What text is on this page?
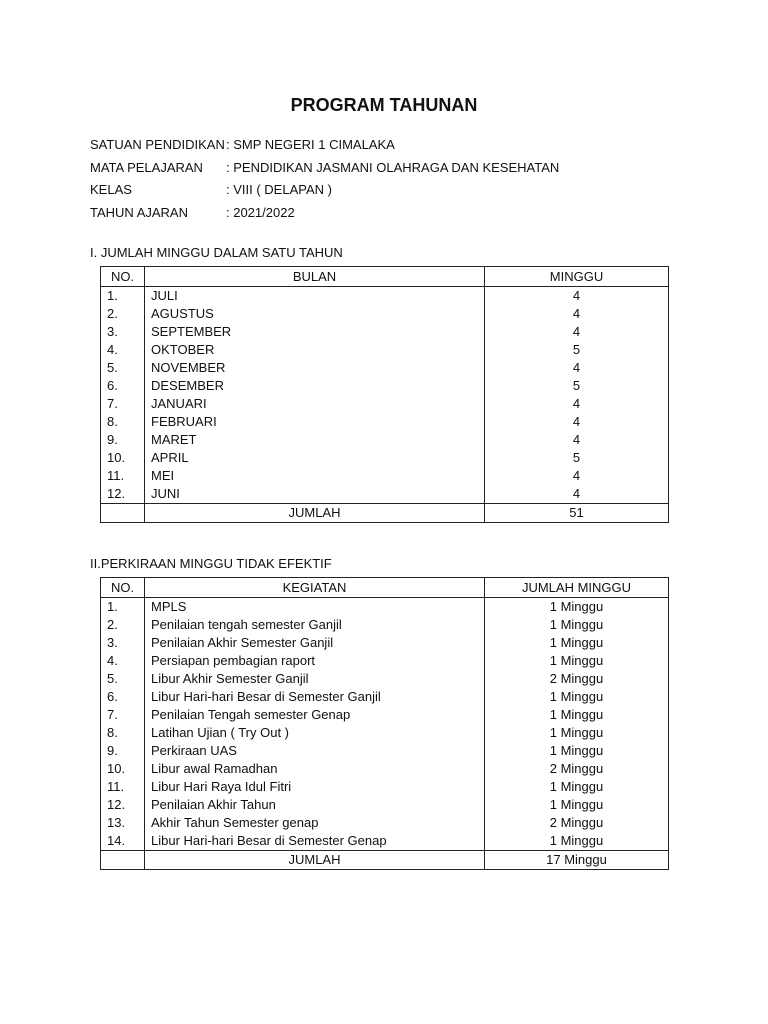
PROGRAM TAHUNAN
SATUAN PENDIDIKAN: SMP NEGERI 1 CIMALAKA
MATA PELAJARAN : PENDIDIKAN JASMANI OLAHRAGA DAN KESEHATAN
KELAS	: VIII ( DELAPAN )
TAHUN AJARAN	: 2021/2022
I. JUMLAH MINGGU DALAM SATU TAHUN
NO.	BULAN	MINGGU
1.	JULI	4
2.	AGUSTUS	4
3.	SEPTEMBER	4
4.	OKTOBER	5
5.	NOVEMBER	4
6.	DESEMBER	5
7.	JANUARI	4
8.	FEBRUARI	4
9.	MARET	4
10.	APRIL	5
11.	MEI	4
12.	JUNI	4
	JUMLAH	51
II.PERKIRAAN MINGGU TIDAK EFEKTIF
NO.	KEGIATAN	JUMLAH MINGGU
1.	MPLS	1 Minggu
2.	Penilaian tengah semester Ganjil	1 Minggu
3.	Penilaian Akhir Semester Ganjil	1 Minggu
4.	Persiapan pembagian raport	1 Minggu
5.	Libur Akhir Semester Ganjil	2 Minggu
6.	Libur Hari-hari Besar di Semester Ganjil	1 Minggu
7.	Penilaian Tengah semester Genap	1 Minggu
8.	Latihan Ujian ( Try Out )	1 Minggu
9.	Perkiraan UAS	1 Minggu
10.	Libur awal Ramadhan	2 Minggu
11.	Libur Hari Raya Idul Fitri	1 Minggu
12.	Penilaian Akhir Tahun	1 Minggu
13.	Akhir Tahun Semester genap	2 Minggu
14.	Libur Hari-hari Besar di Semester Genap	1 Minggu
	JUMLAH	17 Minggu
